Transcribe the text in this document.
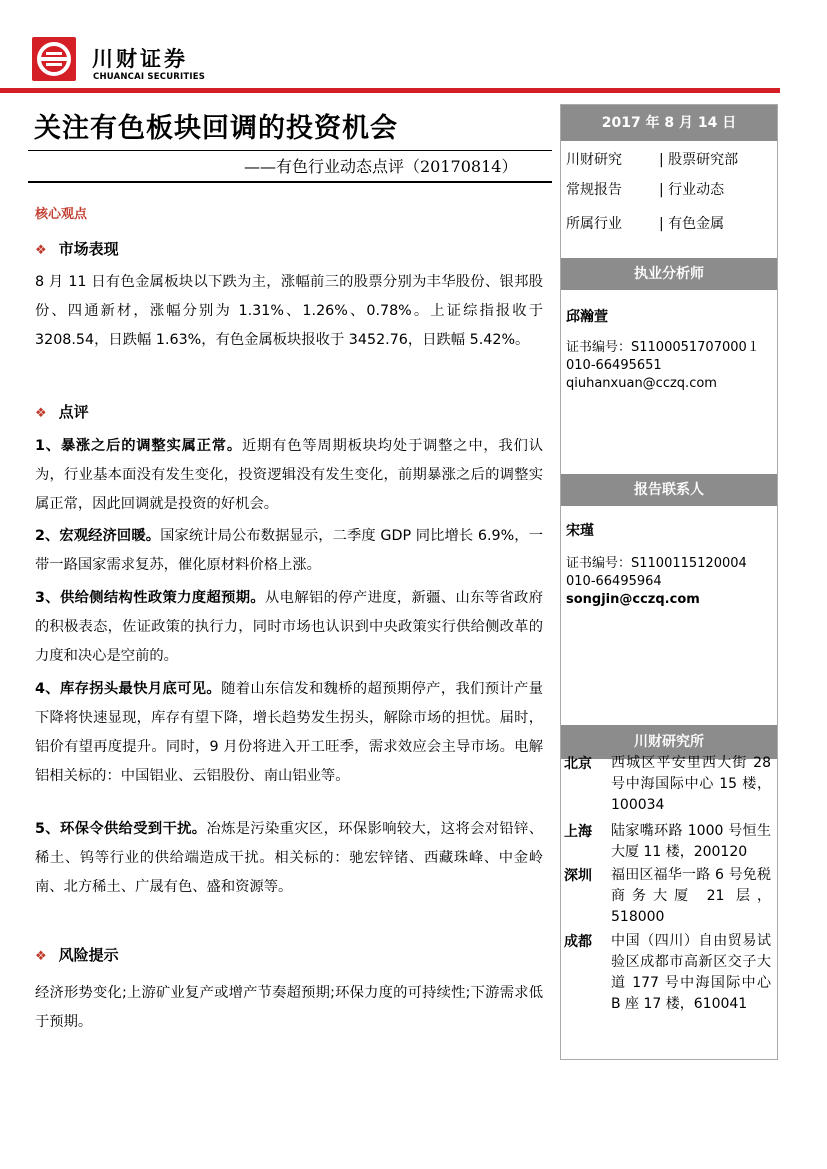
川财证券
CHUANCAI SECURITIES
关注有色板块回调的投资机会
——有色行业动态点评（20170814）
核心观点
❖ 市场表现
8 月 11 日有色金属板块以下跌为主，涨幅前三的股票分别为丰华股份、银邦股份、四通新材，涨幅分别为 1.31%、1.26%、0.78%。上证综指报收于 3208.54，日跌幅 1.63%，有色金属板块报收于 3452.76，日跌幅 5.42%。
❖ 点评
1、暴涨之后的调整实属正常。近期有色等周期板块均处于调整之中，我们认为，行业基本面没有发生变化，投资逻辑没有发生变化，前期暴涨之后的调整实属正常，因此回调就是投资的好机会。
2、宏观经济回暖。国家统计局公布数据显示，二季度 GDP 同比增长 6.9%，一带一路国家需求复苏，催化原材料价格上涨。
3、供给侧结构性政策力度超预期。从电解铝的停产进度，新疆、山东等省政府的积极表态，佐证政策的执行力，同时市场也认识到中央政策实行供给侧改革的力度和决心是空前的。
4、库存拐头最快月底可见。随着山东信发和魏桥的超预期停产，我们预计产量下降将快速显现，库存有望下降，增长趋势发生拐头，解除市场的担忧。届时，铝价有望再度提升。同时，9 月份将进入开工旺季，需求效应会主导市场。电解铝相关标的：中国铝业、云铝股份、南山铝业等。
5、环保令供给受到干扰。冶炼是污染重灾区，环保影响较大，这将会对铅锌、稀土、钨等行业的供给端造成干扰。相关标的：驰宏锌锗、西藏珠峰、中金岭南、北方稀土、广晟有色、盛和资源等。
❖ 风险提示
经济形势变化;上游矿业复产或增产节奏超预期;环保力度的可持续性;下游需求低于预期。
2017 年 8 月 14 日
川财研究	| 股票研究部
常规报告	| 行业动态
所属行业	| 有色金属
执业分析师
邱瀚萱
证书编号：S1100051707000１
010-66495651
qiuhanxuan@cczq.com
报告联系人
宋瑾
证书编号：S1100115120004
010-66495964
songjin@cczq.com
川财研究所
北京 西城区平安里西大街 28 号中海国际中心 15 楼，100034
上海 陆家嘴环路 1000 号恒生大厦 11 楼，200120
深圳 福田区福华一路 6 号免税商务大厦 21 层，518000
成都 中国（四川）自由贸易试验区成都市高新区交子大道 177 号中海国际中心 B 座 17 楼，610041
